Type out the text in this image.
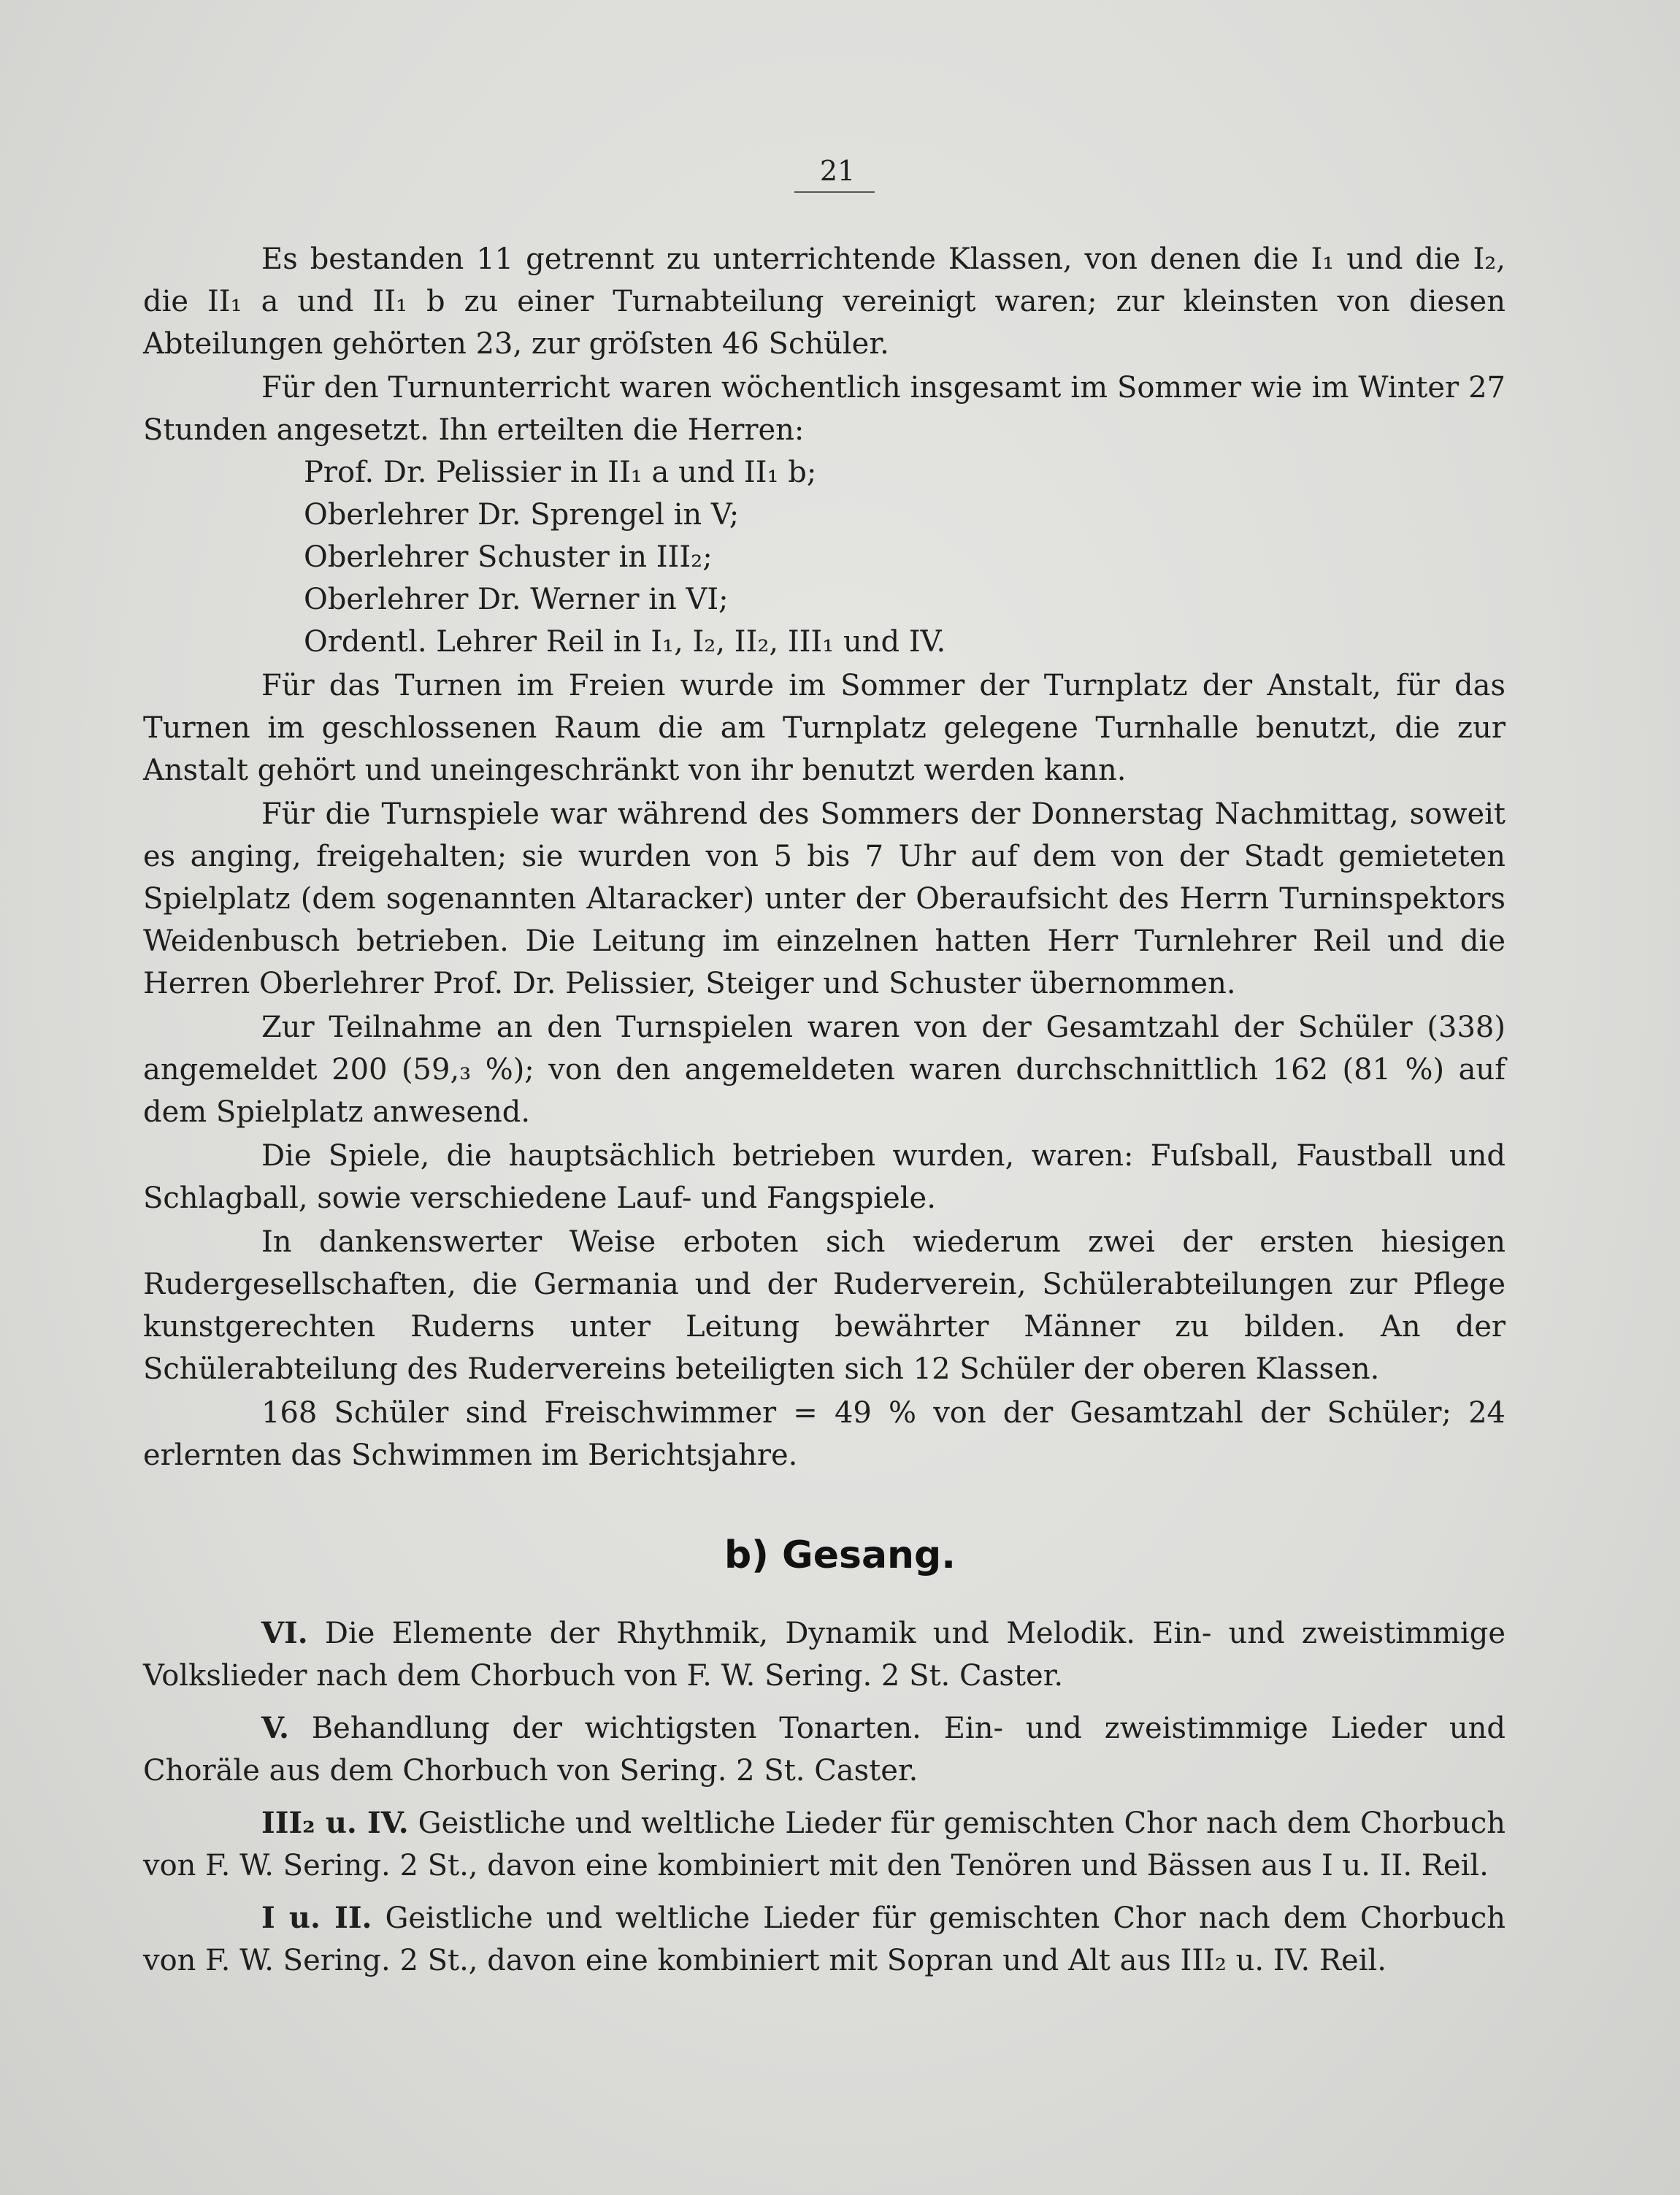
21

Es bestanden 11 getrennt zu unterrichtende Klassen, von denen die I₁ und die I₂, die II₁ a und II₁ b zu einer Turnabteilung vereinigt waren; zur kleinsten von diesen Abteilungen gehörten 23, zur gröſsten 46 Schüler.

Für den Turnunterricht waren wöchentlich insgesamt im Sommer wie im Winter 27 Stunden angesetzt. Ihn erteilten die Herren:

Prof. Dr. Pelissier in II₁ a und II₁ b;
Oberlehrer Dr. Sprengel in V;
Oberlehrer Schuster in III₂;
Oberlehrer Dr. Werner in VI;
Ordentl. Lehrer Reil in I₁, I₂, II₂, III₁ und IV.

Für das Turnen im Freien wurde im Sommer der Turnplatz der Anstalt, für das Turnen im geschlossenen Raum die am Turnplatz gelegene Turnhalle benutzt, die zur Anstalt gehört und uneingeschränkt von ihr benutzt werden kann.

Für die Turnspiele war während des Sommers der Donnerstag Nachmittag, soweit es anging, freigehalten; sie wurden von 5 bis 7 Uhr auf dem von der Stadt gemieteten Spielplatz (dem sogenannten Altaracker) unter der Oberaufsicht des Herrn Turninspektors Weidenbusch betrieben. Die Leitung im einzelnen hatten Herr Turnlehrer Reil und die Herren Oberlehrer Prof. Dr. Pelissier, Steiger und Schuster übernommen.

Zur Teilnahme an den Turnspielen waren von der Gesamtzahl der Schüler (338) angemeldet 200 (59,₃ %); von den angemeldeten waren durchschnittlich 162 (81 %) auf dem Spielplatz anwesend.

Die Spiele, die hauptsächlich betrieben wurden, waren: Fuſsball, Faustball und Schlagball, sowie verschiedene Lauf- und Fangspiele.

In dankenswerter Weise erboten sich wiederum zwei der ersten hiesigen Rudergesellschaften, die Germania und der Ruderverein, Schülerabteilungen zur Pflege kunstgerechten Ruderns unter Leitung bewährter Männer zu bilden. An der Schülerabteilung des Rudervereins beteiligten sich 12 Schüler der oberen Klassen.

168 Schüler sind Freischwimmer = 49 % von der Gesamtzahl der Schüler; 24 erlernten das Schwimmen im Berichtsjahre.

b) Gesang.

VI. Die Elemente der Rhythmik, Dynamik und Melodik. Ein- und zweistimmige Volkslieder nach dem Chorbuch von F. W. Sering. 2 St. Caster.

V. Behandlung der wichtigsten Tonarten. Ein- und zweistimmige Lieder und Choräle aus dem Chorbuch von Sering. 2 St. Caster.

III₂ u. IV. Geistliche und weltliche Lieder für gemischten Chor nach dem Chorbuch von F. W. Sering. 2 St., davon eine kombiniert mit den Tenören und Bässen aus I u. II. Reil.

I u. II. Geistliche und weltliche Lieder für gemischten Chor nach dem Chorbuch von F. W. Sering. 2 St., davon eine kombiniert mit Sopran und Alt aus III₂ u. IV. Reil.
